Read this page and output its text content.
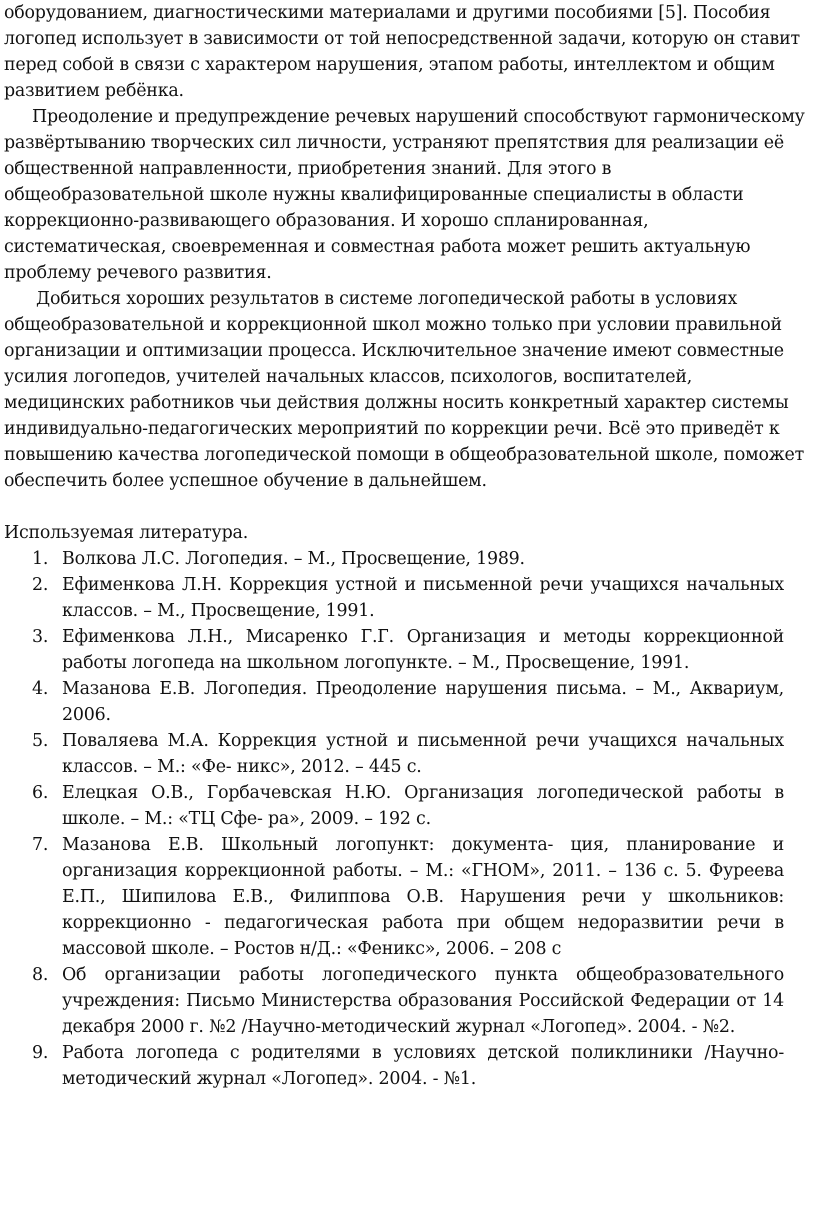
оборудованием, диагностическими материалами и другими пособиями [5]. Пособия логопед использует в зависимости от той непосредственной задачи, которую он ставит перед собой в связи с характером нарушения, этапом работы, интеллектом и общим развитием ребёнка.

Преодоление и предупреждение речевых нарушений способствуют гармоническому развёртыванию творческих сил личности, устраняют препятствия для реализации её общественной направленности, приобретения знаний. Для этого в общеобразовательной школе нужны квалифицированные специалисты в области коррекционно-развивающего образования. И хорошо спланированная, систематическая, своевременная и совместная работа может решить актуальную проблему речевого развития.

Добиться хороших результатов в системе логопедической работы в условиях общеобразовательной и коррекционной школ можно только при условии правильной организации и оптимизации процесса. Исключительное значение имеют совместные усилия логопедов, учителей начальных классов, психологов, воспитателей, медицинских работников чьи действия должны носить конкретный характер системы индивидуально-педагогических мероприятий по коррекции речи. Всё это приведёт к повышению качества логопедической помощи в общеобразовательной школе, поможет обеспечить более успешное обучение в дальнейшем.

Используемая литература.

1. Волкова Л.С. Логопедия. – М., Просвещение, 1989.
2. Ефименкова Л.Н. Коррекция устной и письменной речи учащихся начальных классов. – М., Просвещение, 1991.
3. Ефименкова Л.Н., Мисаренко Г.Г. Организация и методы коррекционной работы логопеда на школьном логопункте. – М., Просвещение, 1991.
4. Мазанова Е.В. Логопедия. Преодоление нарушения письма. – М., Аквариум, 2006.
5. Поваляева М.А. Коррекция устной и письменной речи учащихся начальных классов. – М.: «Фе- никс», 2012. – 445 с.
6. Елецкая О.В., Горбачевская Н.Ю. Организация логопедической работы в школе. – М.: «ТЦ Сфе- ра», 2009. – 192 с.
7. Мазанова Е.В. Школьный логопункт: документа- ция, планирование и организация коррекционной работы. – М.: «ГНОМ», 2011. – 136 с. 5. Фуреева Е.П., Шипилова Е.В., Филиппова О.В. Нарушения речи у школьников: коррекционно - педагогическая работа при общем недоразвитии речи в массовой школе. – Ростов н/Д.: «Феникс», 2006. – 208 с
8. Об организации работы логопедического пункта общеобразовательного учреждения: Письмо Министерства образования Российской Федерации от 14 декабря 2000 г. №2 /Научно-методический журнал «Логопед». 2004. - №2.
9. Работа логопеда с родителями в условиях детской поликлиники /Научно-методический журнал «Логопед». 2004. - №1.
